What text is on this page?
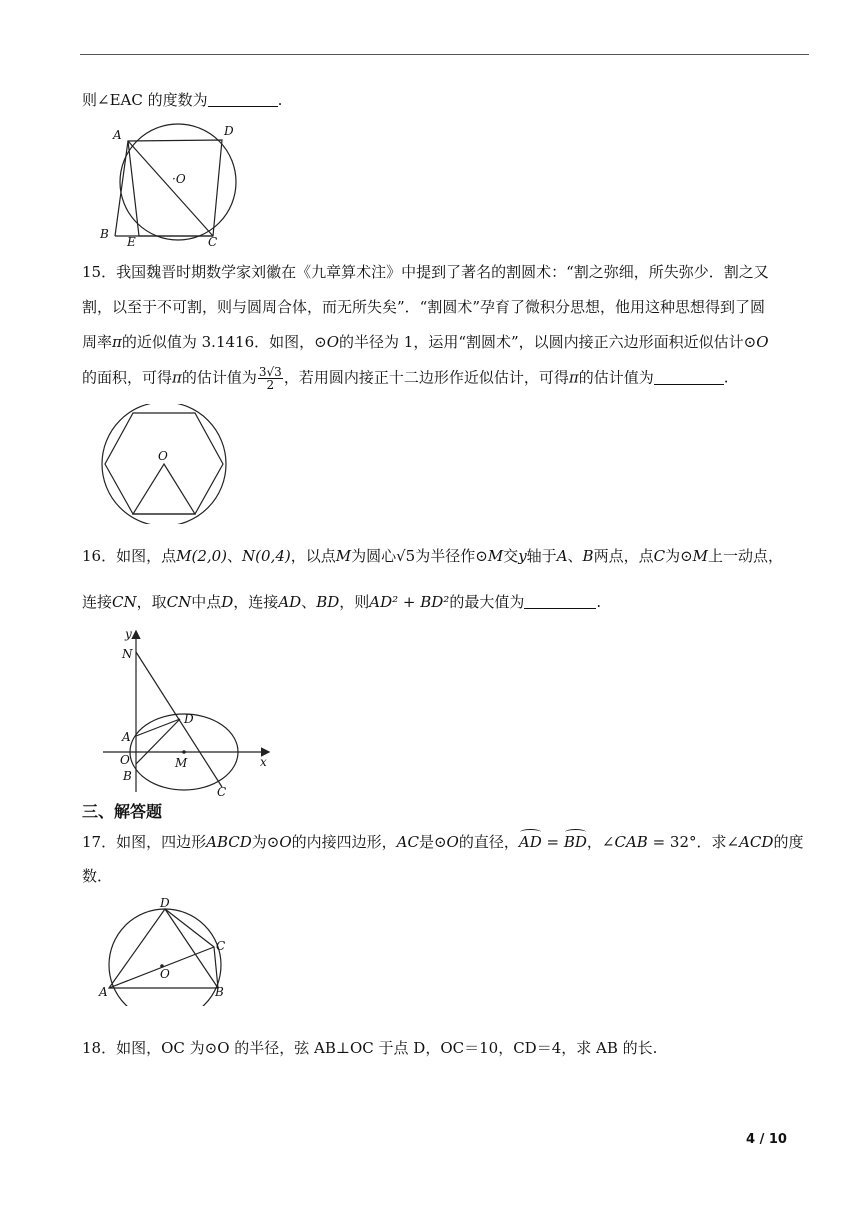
则∠EAC 的度数为	.
A	D
·O
B
E	C
15．我国魏晋时期数学家刘徽在《九章算术注》中提到了著名的割圆术：“割之弥细，所失弥少．割之又
割，以至于不可割，则与圆周合体，而无所失矣”．“割圆术”孕育了微积分思想，他用这种思想得到了圆
周率π的近似值为 3.1416．如图，⊙O的半径为 1，运用“割圆术”，以圆内接正六边形面积近似估计⊙O
的面积，可得π的估计值为 $\frac{3√3}{2}$ ，若用圆内接正十二边形作近似估计，可得π的估计值为	.
O
16．如图，点M(2,0)、N(0,4)，以点M为圆心√5为半径作⊙M交y轴于A、B两点，点C为⊙M上一动点，
连接CN，取CN中点D，连接AD、BD，则AD² + BD²的最大值为	.
y
x
N
A
O
B
M
D
C
三、解答题
17．如图，四边形ABCD为⊙O的内接四边形，AC是⊙O的直径，AD = BD，∠CAB = 32°．求∠ACD的度
数．
D
C
O
A	B
18．如图，OC 为⊙O 的半径，弦 AB⊥OC 于点 D，OC＝10，CD＝4，求 AB 的长.
4 / 10
